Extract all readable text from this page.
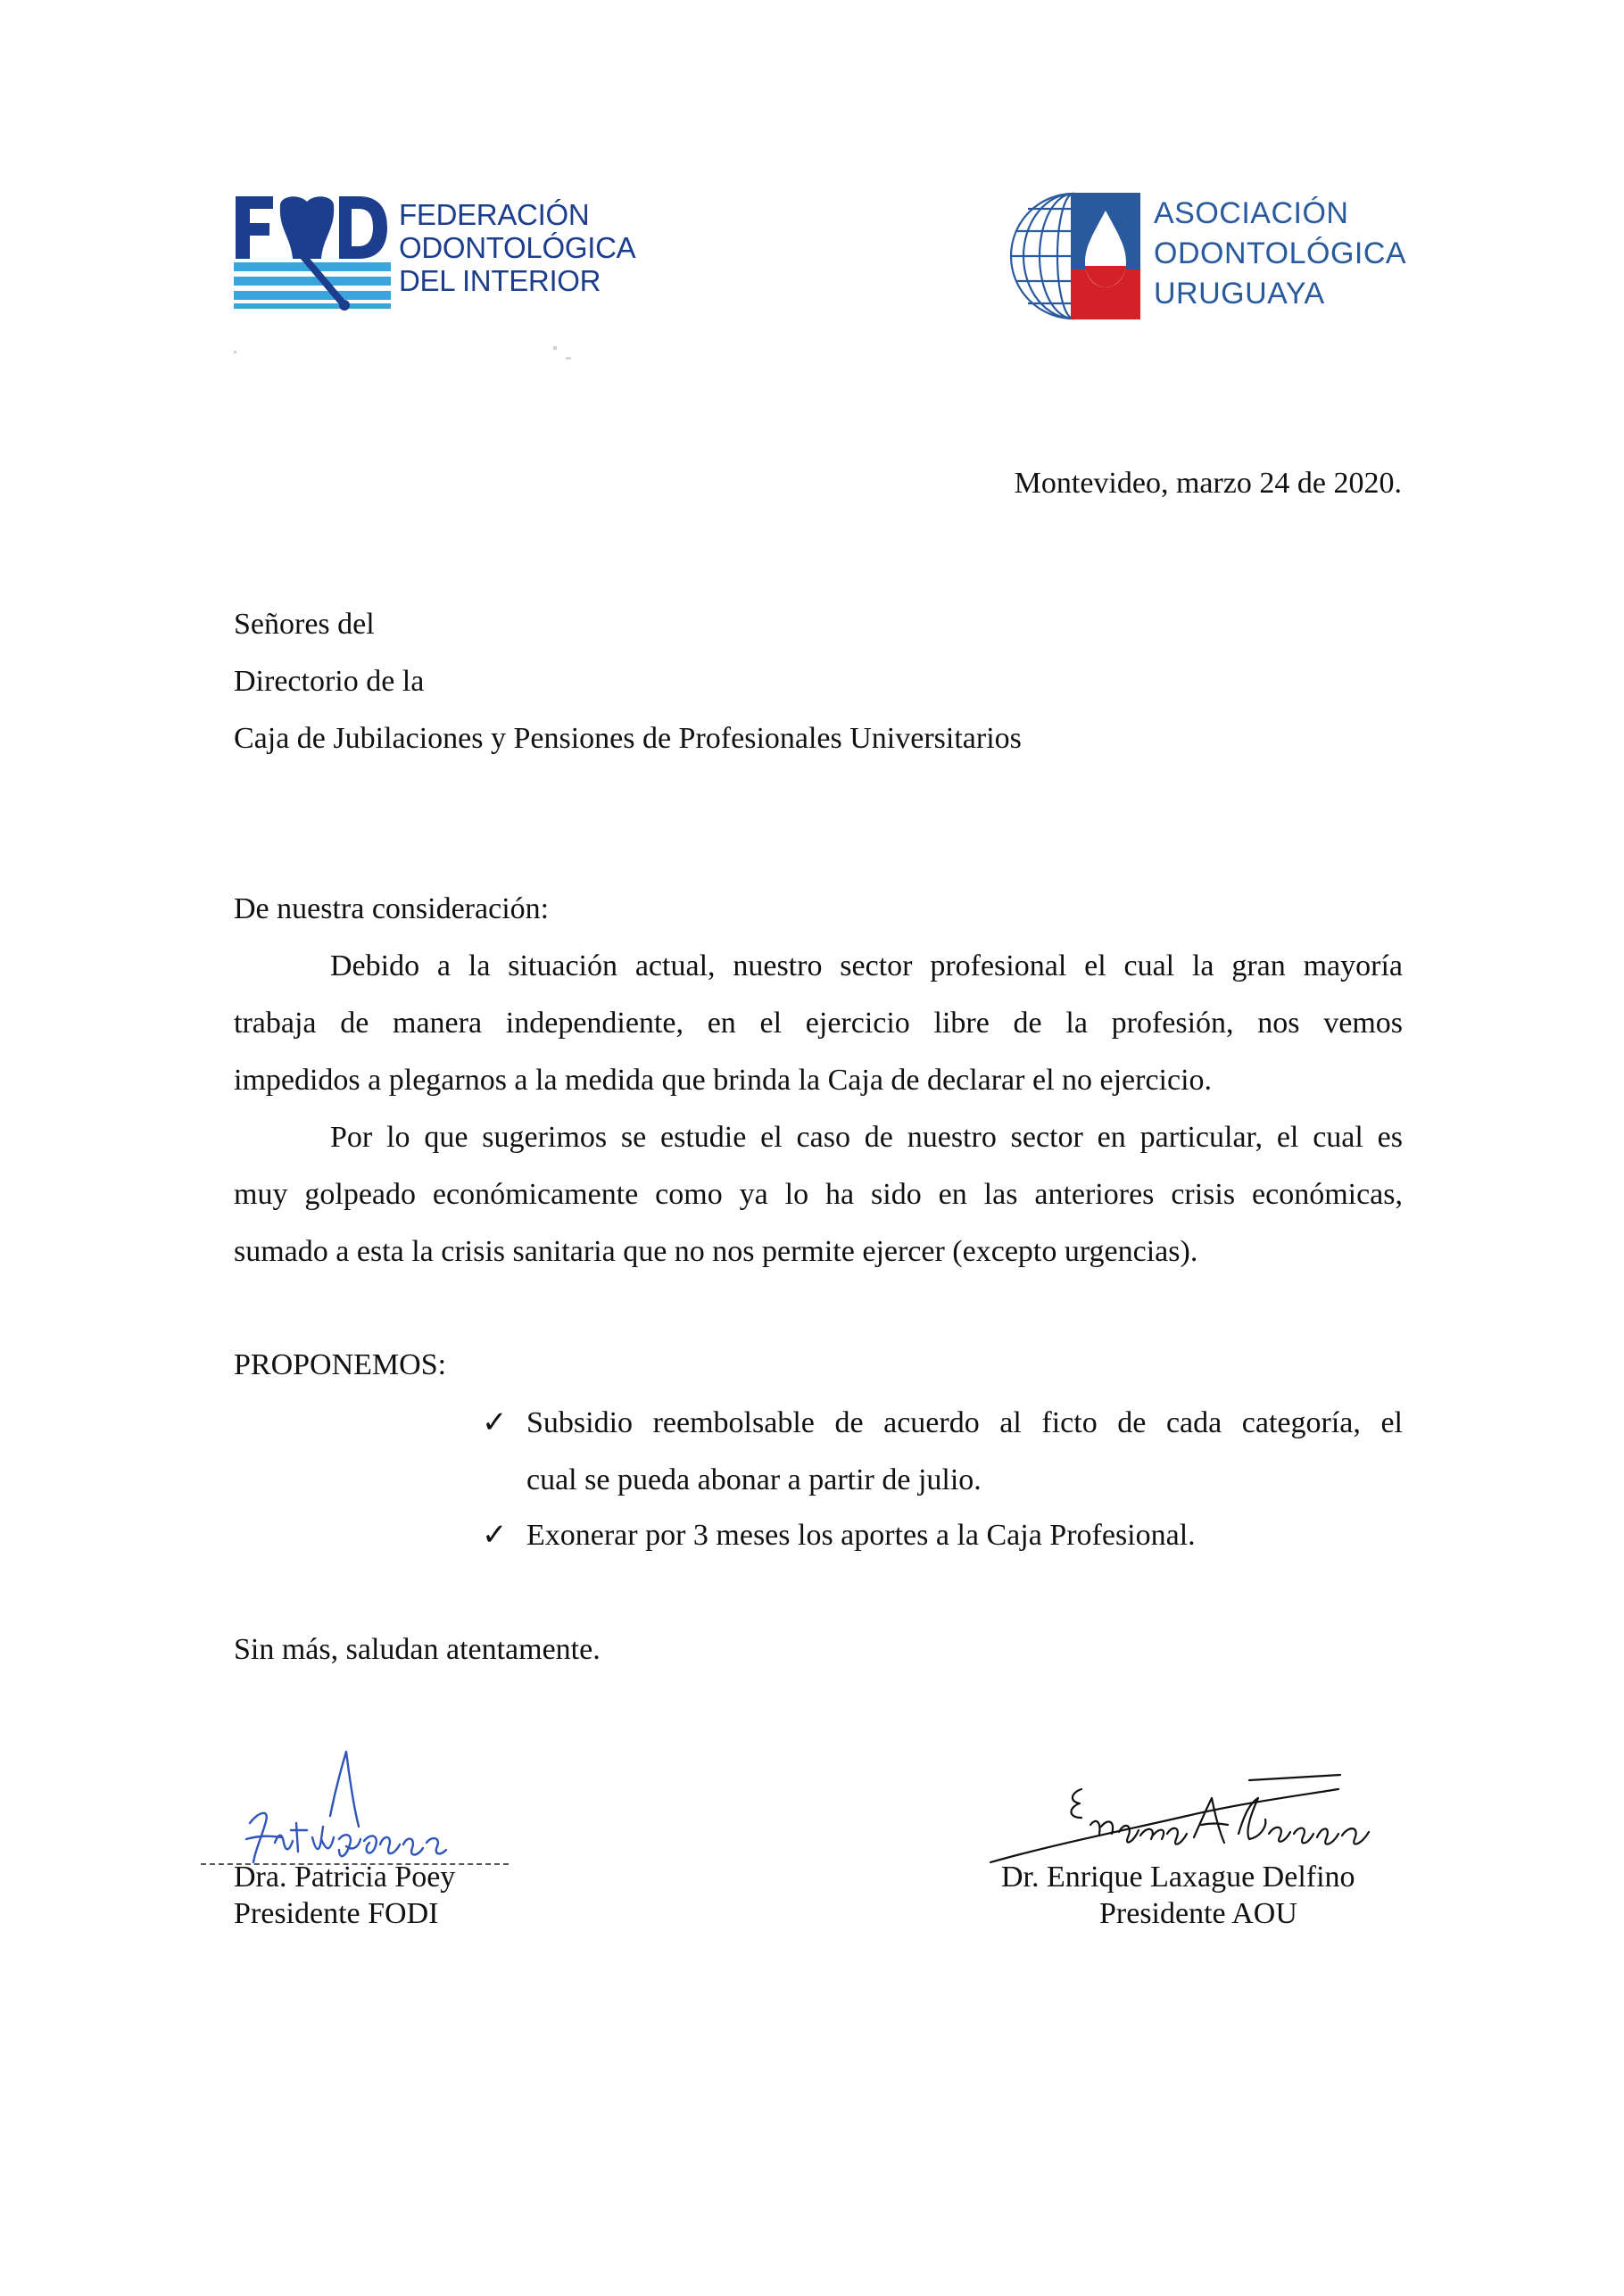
FEDERACIÓN
ODONTOLÓGICA
DEL INTERIOR
ASOCIACIÓN
ODONTOLÓGICA
URUGUAYA
Montevideo, marzo 24 de 2020.
Señores del
Directorio de la
Caja de Jubilaciones y Pensiones de Profesionales Universitarios
De nuestra consideración:
Debido a la situación actual, nuestro sector profesional el cual la gran mayoría
trabaja de manera independiente, en el ejercicio libre de la profesión, nos vemos
impedidos a plegarnos a la medida que brinda la Caja de declarar el no ejercicio.
Por lo que sugerimos se estudie el caso de nuestro sector en particular, el cual es
muy golpeado económicamente como ya lo ha sido en las anteriores crisis económicas,
sumado a esta la crisis sanitaria que no nos permite ejercer (excepto urgencias).
PROPONEMOS:
✓ Subsidio reembolsable de acuerdo al ficto de cada categoría, el
cual se pueda abonar a partir de julio.
✓ Exonerar por 3 meses los aportes a la Caja Profesional.
Sin más, saludan atentamente.
Dra. Patricia Poey
Presidente FODI
Dr. Enrique Laxague Delfino
Presidente AOU
